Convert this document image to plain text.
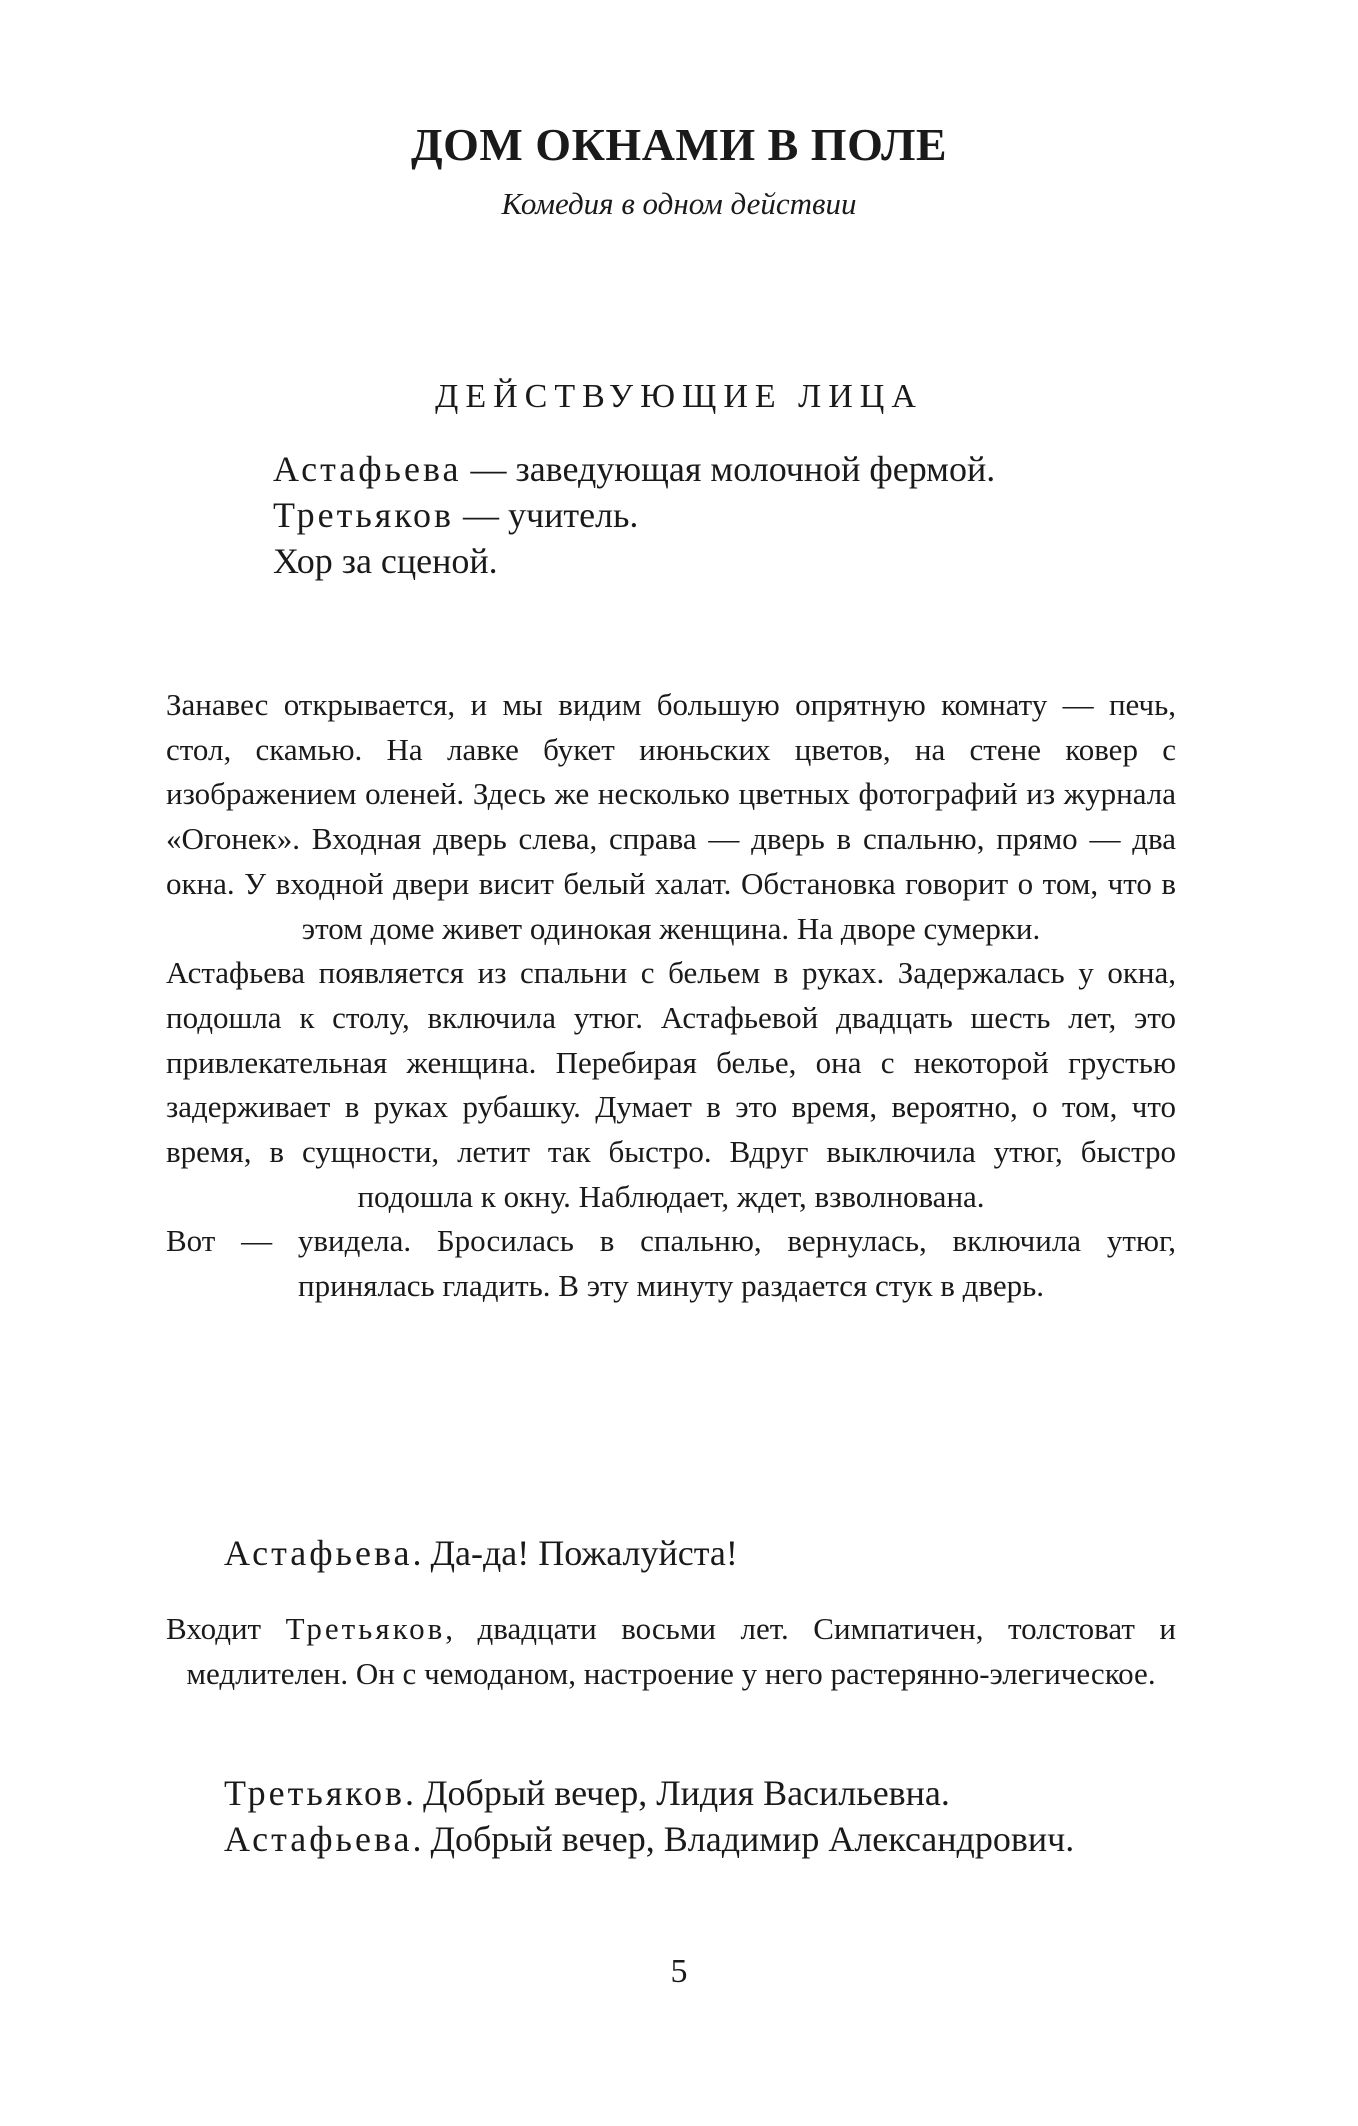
ДОМ ОКНАМИ В ПОЛЕ
Комедия в одном действии
ДЕЙСТВУЮЩИЕ ЛИЦА
Астафьева — заведующая молочной фермой.
Третьяков — учитель.
Хор за сценой.

Занавес открывается, и мы видим большую опрятную комнату — печь, стол, скамью. На лавке букет июньских цветов, на стене ковер с изображением оленей. Здесь же несколько цветных фотографий из журнала «Огонек». Входная дверь слева, справа — дверь в спальню, прямо — два окна. У входной двери висит белый халат. Обстановка говорит о том, что в этом доме живет одинокая женщина. На дворе сумерки.

Астафьева появляется из спальни с бельем в руках. Задержалась у окна, подошла к столу, включила утюг. Астафьевой двадцать шесть лет, это привлекательная женщина. Перебирая белье, она с некоторой грустью задерживает в руках рубашку. Думает в это время, вероятно, о том, что время, в сущности, летит так быстро. Вдруг выключила утюг, быстро подошла к окну. Наблюдает, ждет, взволнована.

Вот — увидела. Бросилась в спальню, вернулась, включила утюг, принялась гладить. В эту минуту раздается стук в дверь.

Астафьева. Да-да! Пожалуйста!

Входит Третьяков, двадцати восьми лет. Симпатичен, толстоват и медлителен. Он с чемоданом, настроение у него растерянно-элегическое.

Третьяков. Добрый вечер, Лидия Васильевна.
Астафьева. Добрый вечер, Владимир Александрович.
5
